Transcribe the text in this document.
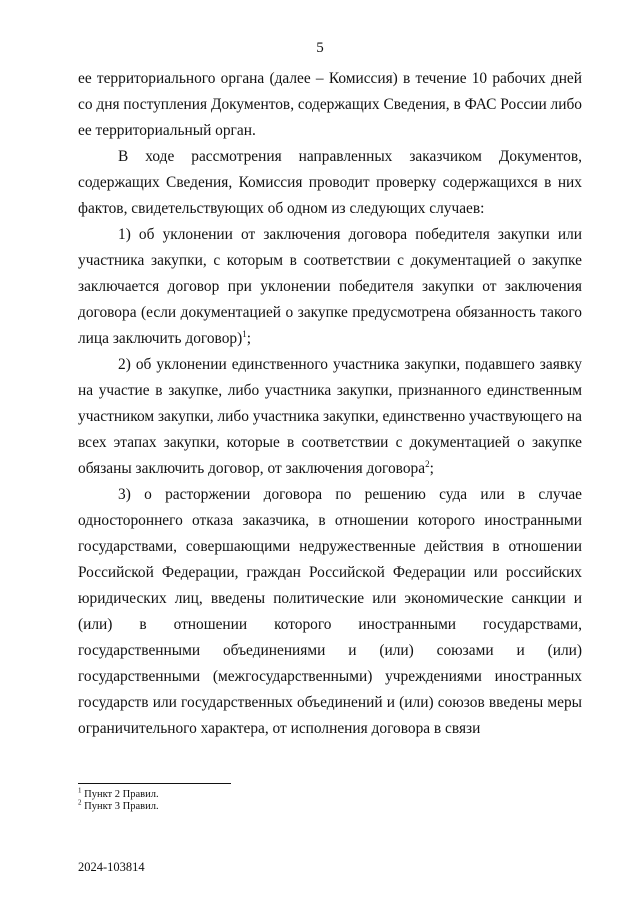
5

ее территориального органа (далее – Комиссия) в течение 10 рабочих дней со дня поступления Документов, содержащих Сведения, в ФАС России либо ее территориальный орган.

В ходе рассмотрения направленных заказчиком Документов, содержащих Сведения, Комиссия проводит проверку содержащихся в них фактов, свидетельствующих об одном из следующих случаев:

1) об уклонении от заключения договора победителя закупки или участника закупки, с которым в соответствии с документацией о закупке заключается договор при уклонении победителя закупки от заключения договора (если документацией о закупке предусмотрена обязанность такого лица заключить договор)$^1$;

2) об уклонении единственного участника закупки, подавшего заявку на участие в закупке, либо участника закупки, признанного единственным участником закупки, либо участника закупки, единственно участвующего на всех этапах закупки, которые в соответствии с документацией о закупке обязаны заключить договор, от заключения договора$^2$;

3) о расторжении договора по решению суда или в случае одностороннего отказа заказчика, в отношении которого иностранными государствами, совершающими недружественные действия в отношении Российской Федерации, граждан Российской Федерации или российских юридических лиц, введены политические или экономические санкции и (или) в отношении которого иностранными государствами, государственными объединениями и (или) союзами и (или) государственными (межгосударственными) учреждениями иностранных государств или государственных объединений и (или) союзов введены меры ограничительного характера, от исполнения договора в связи

$^1$ Пункт 2 Правил.
$^2$ Пункт 3 Правил.
2024-103814
